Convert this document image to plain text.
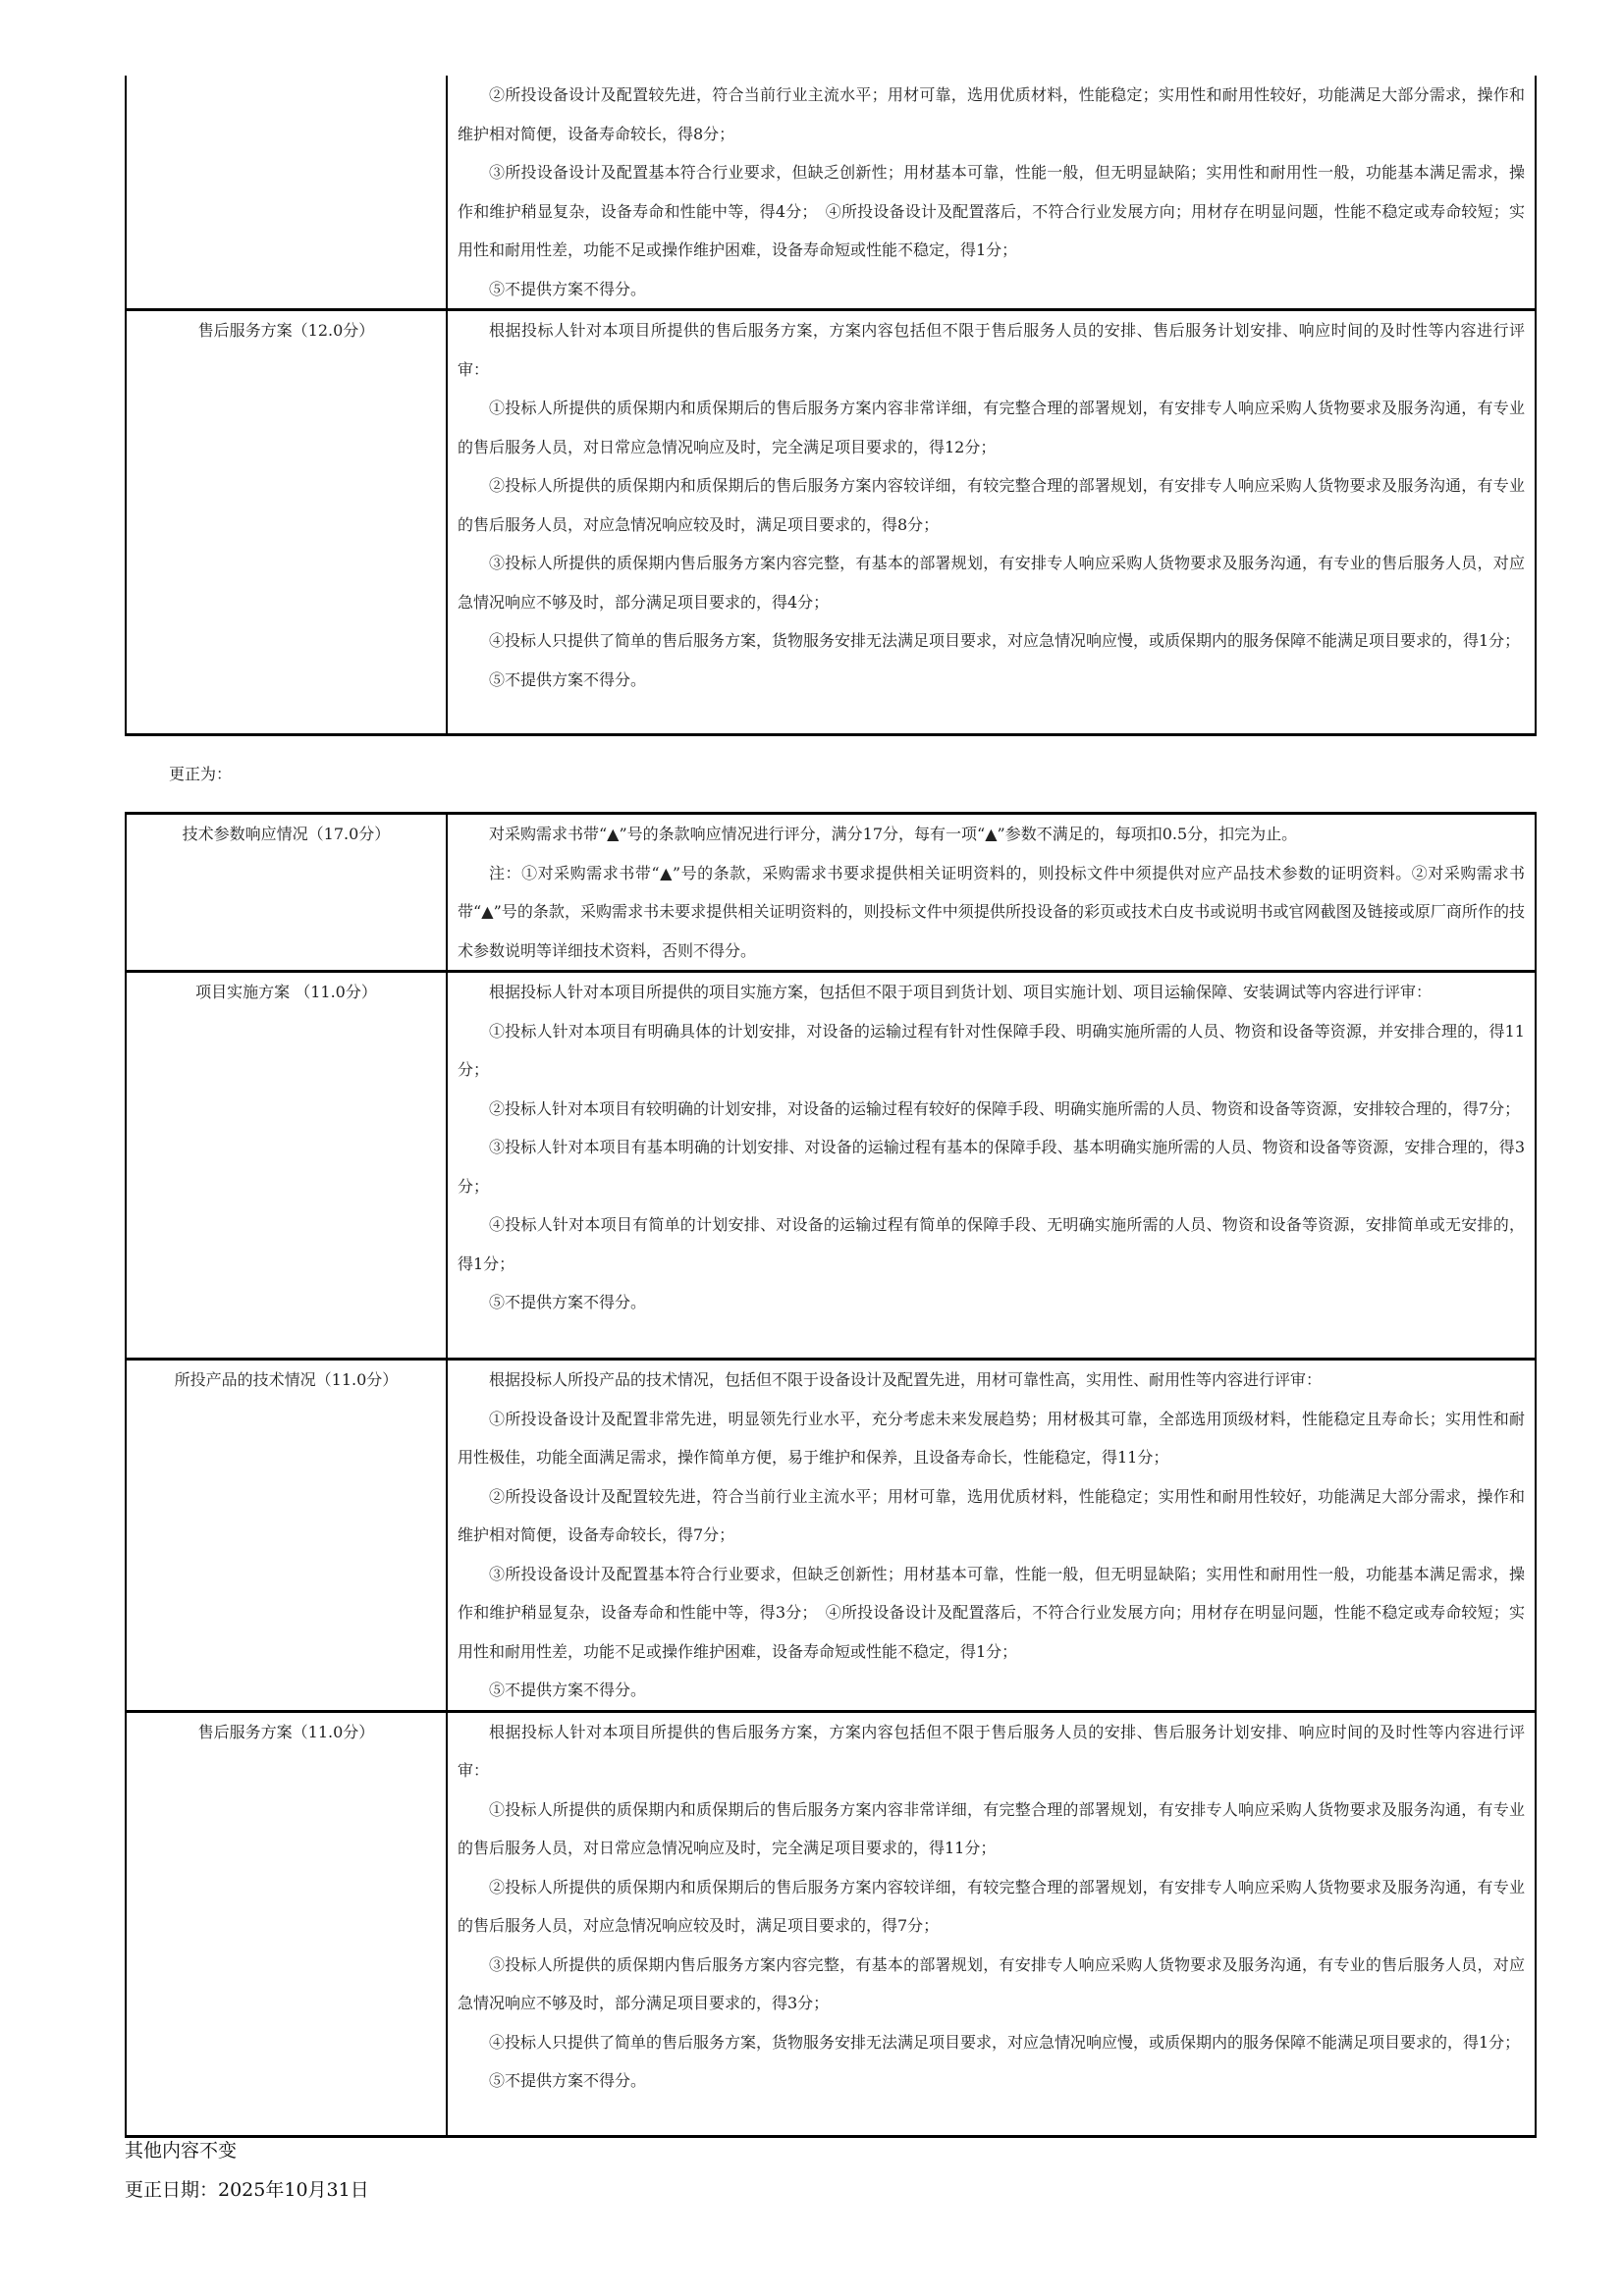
	②所投设备设计及配置较先进，符合当前行业主流水平；用材可靠，选用优质材料，性能稳定；实用性和耐用性较好，功能满足大部分需求，操作和维护相对简便，设备寿命较长，得8分；

③所投设备设计及配置基本符合行业要求，但缺乏创新性；用材基本可靠，性能一般，但无明显缺陷；实用性和耐用性一般，功能基本满足需求，操作和维护稍显复杂，设备寿命和性能中等，得4分；　④所投设备设计及配置落后，不符合行业发展方向；用材存在明显问题，性能不稳定或寿命较短；实用性和耐用性差，功能不足或操作维护困难，设备寿命短或性能不稳定，得1分；

⑤不提供方案不得分。

售后服务方案（12.0分）	根据投标人针对本项目所提供的售后服务方案，方案内容包括但不限于售后服务人员的安排、售后服务计划安排、响应时间的及时性等内容进行评审：

①投标人所提供的质保期内和质保期后的售后服务方案内容非常详细，有完整合理的部署规划，有安排专人响应采购人货物要求及服务沟通，有专业的售后服务人员，对日常应急情况响应及时，完全满足项目要求的，得12分；

②投标人所提供的质保期内和质保期后的售后服务方案内容较详细，有较完整合理的部署规划，有安排专人响应采购人货物要求及服务沟通，有专业的售后服务人员，对应急情况响应较及时，满足项目要求的，得8分；

③投标人所提供的质保期内售后服务方案内容完整，有基本的部署规划，有安排专人响应采购人货物要求及服务沟通，有专业的售后服务人员，对应急情况响应不够及时，部分满足项目要求的，得4分；

④投标人只提供了简单的售后服务方案，货物服务安排无法满足项目要求，对应急情况响应慢，或质保期内的服务保障不能满足项目要求的，得1分；

⑤不提供方案不得分。

更正为：
技术参数响应情况（17.0分）	对采购需求书带“▲”号的条款响应情况进行评分，满分17分，每有一项“▲”参数不满足的，每项扣0.5分，扣完为止。

注：①对采购需求书带“▲”号的条款，采购需求书要求提供相关证明资料的，则投标文件中须提供对应产品技术参数的证明资料。②对采购需求书带“▲”号的条款，采购需求书未要求提供相关证明资料的，则投标文件中须提供所投设备的彩页或技术白皮书或说明书或官网截图及链接或原厂商所作的技术参数说明等详细技术资料，否则不得分。

项目实施方案 （11.0分）	根据投标人针对本项目所提供的项目实施方案，包括但不限于项目到货计划、项目实施计划、项目运输保障、安装调试等内容进行评审：

①投标人针对本项目有明确具体的计划安排，对设备的运输过程有针对性保障手段、明确实施所需的人员、物资和设备等资源，并安排合理的，得11分；

②投标人针对本项目有较明确的计划安排，对设备的运输过程有较好的保障手段、明确实施所需的人员、物资和设备等资源，安排较合理的，得7分；

③投标人针对本项目有基本明确的计划安排、对设备的运输过程有基本的保障手段、基本明确实施所需的人员、物资和设备等资源，安排合理的，得3分；

④投标人针对本项目有简单的计划安排、对设备的运输过程有简单的保障手段、无明确实施所需的人员、物资和设备等资源，安排简单或无安排的，得1分；

⑤不提供方案不得分。

所投产品的技术情况（11.0分）	根据投标人所投产品的技术情况，包括但不限于设备设计及配置先进，用材可靠性高，实用性、耐用性等内容进行评审：

①所投设备设计及配置非常先进，明显领先行业水平，充分考虑未来发展趋势；用材极其可靠，全部选用顶级材料，性能稳定且寿命长；实用性和耐用性极佳，功能全面满足需求，操作简单方便，易于维护和保养，且设备寿命长，性能稳定，得11分；

②所投设备设计及配置较先进，符合当前行业主流水平；用材可靠，选用优质材料，性能稳定；实用性和耐用性较好，功能满足大部分需求，操作和维护相对简便，设备寿命较长，得7分；

③所投设备设计及配置基本符合行业要求，但缺乏创新性；用材基本可靠，性能一般，但无明显缺陷；实用性和耐用性一般，功能基本满足需求，操作和维护稍显复杂，设备寿命和性能中等，得3分；　④所投设备设计及配置落后，不符合行业发展方向；用材存在明显问题，性能不稳定或寿命较短；实用性和耐用性差，功能不足或操作维护困难，设备寿命短或性能不稳定，得1分；

⑤不提供方案不得分。

售后服务方案（11.0分）	根据投标人针对本项目所提供的售后服务方案，方案内容包括但不限于售后服务人员的安排、售后服务计划安排、响应时间的及时性等内容进行评审：

①投标人所提供的质保期内和质保期后的售后服务方案内容非常详细，有完整合理的部署规划，有安排专人响应采购人货物要求及服务沟通，有专业的售后服务人员，对日常应急情况响应及时，完全满足项目要求的，得11分；

②投标人所提供的质保期内和质保期后的售后服务方案内容较详细，有较完整合理的部署规划，有安排专人响应采购人货物要求及服务沟通，有专业的售后服务人员，对应急情况响应较及时，满足项目要求的，得7分；

③投标人所提供的质保期内售后服务方案内容完整，有基本的部署规划，有安排专人响应采购人货物要求及服务沟通，有专业的售后服务人员，对应急情况响应不够及时，部分满足项目要求的，得3分；

④投标人只提供了简单的售后服务方案，货物服务安排无法满足项目要求，对应急情况响应慢，或质保期内的服务保障不能满足项目要求的，得1分；

⑤不提供方案不得分。

其他内容不变
更正日期：2025年10月31日
